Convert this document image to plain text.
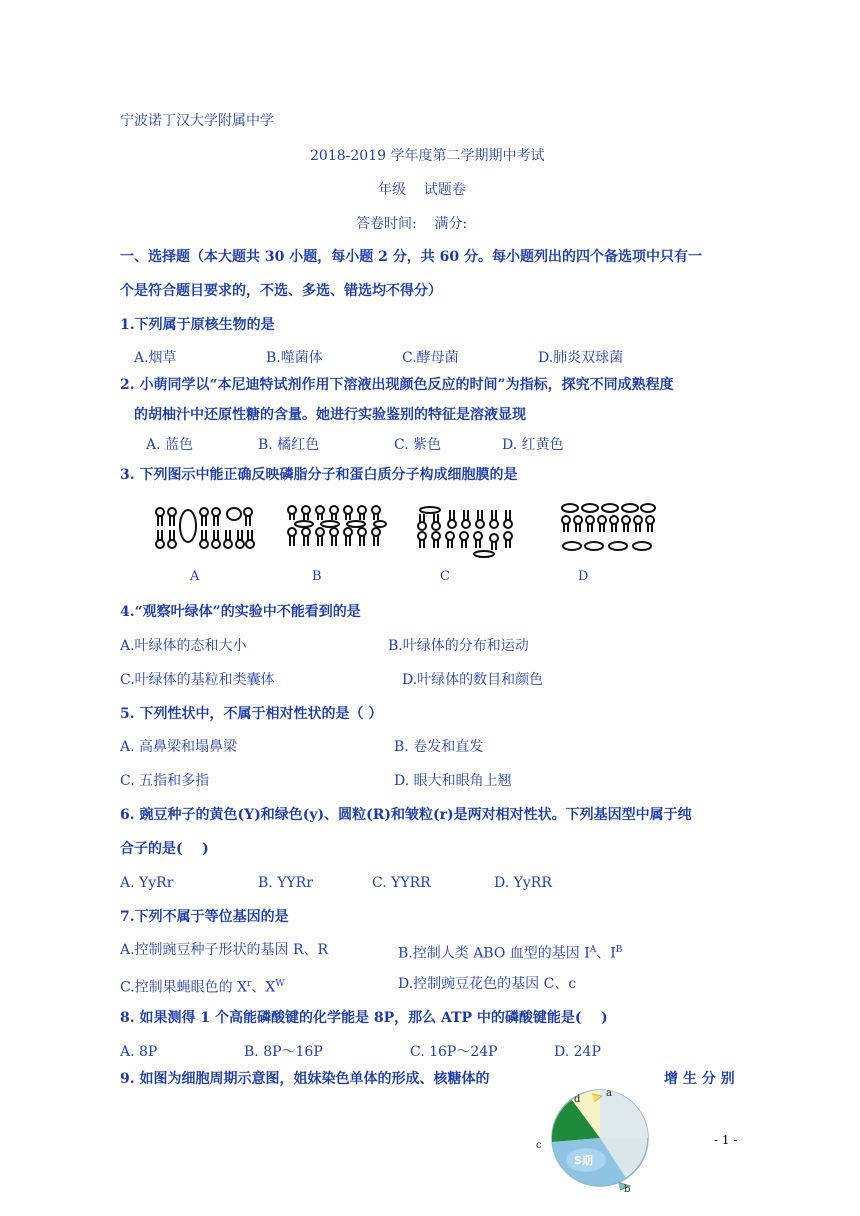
宁波诺丁汉大学附属中学
2018-2019 学年度第二学期期中考试
年级    试题卷
答卷时间:    满分:
一、选择题（本大题共 30 小题，每小题 2 分，共 60 分。每小题列出的四个备选项中只有一
个是符合题目要求的，不选、多选、错选均不得分）
1.下列属于原核生物的是
A.烟草	B.噬菌体	C.酵母菌	D.肺炎双球菌
2. 小萌同学以“本尼迪特试剂作用下溶液出现颜色反应的时间”为指标，探究不同成熟程度
的胡柚汁中还原性糖的含量。她进行实验鉴别的特征是溶液显现
A. 蓝色	B. 橘红色	C. 紫色	D. 红黄色
3. 下列图示中能正确反映磷脂分子和蛋白质分子构成细胞膜的是
A	B	C	D
4.“观察叶绿体”的实验中不能看到的是
A.叶绿体的态和大小	B.叶绿体的分布和运动
C.叶绿体的基粒和类囊体	D.叶绿体的数目和颜色
5. 下列性状中，不属于相对性状的是（ ）
A. 高鼻梁和塌鼻梁	B. 卷发和直发
C. 五指和多指	D. 眼大和眼角上翘
6. 豌豆种子的黄色(Y)和绿色(y)、圆粒(R)和皱粒(r)是两对相对性状。下列基因型中属于纯
合子的是(    )
A. YyRr	B. YYRr	C. YYRR	D. YyRR
7.下列不属于等位基因的是
A.控制豌豆种子形状的基因 R、R	B.控制人类 ABO 血型的基因 $I^A$、$I^B$
C.控制果蝇眼色的 $X^r$、$X^W$	D.控制豌豆花色的基因 C、c
8. 如果测得 1 个高能磷酸键的化学能是 8P，那么 ATP 中的磷酸键能是(    )
A. 8P	B. 8P～16P	C. 16P～24P	D. 24P
9. 如图为细胞周期示意图，姐妹染色单体的形成、核糖体的	增 生 分 别
a
d
c
b
S期
- 1 -
